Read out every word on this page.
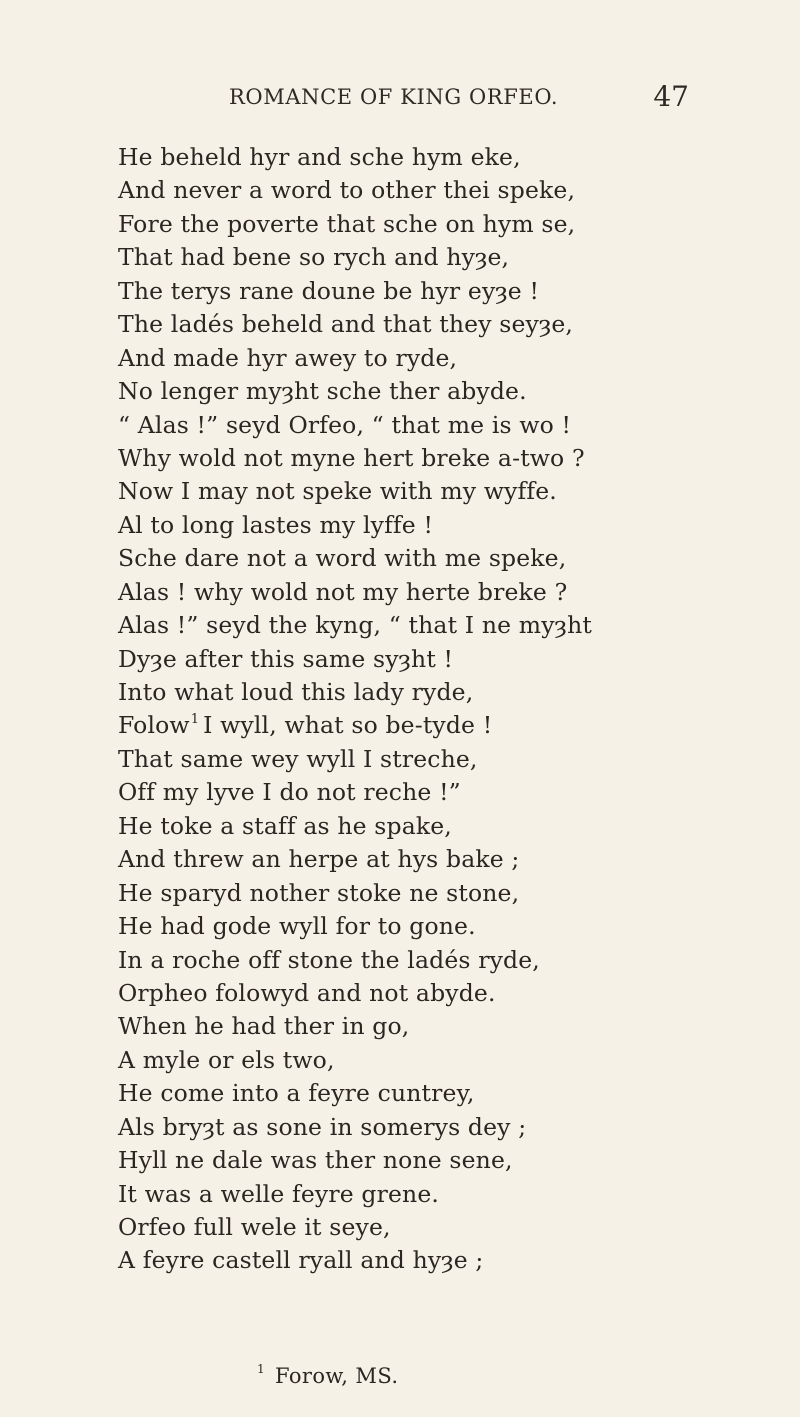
ROMANCE OF KING ORFEO.	47
He beheld hyr and sche hym eke,
And never a word to other thei speke,
Fore the poverte that sche on hym se,
That had bene so rych and hyȝe,
The terys rane doune be hyr eyȝe !
The ladés beheld and that they seyȝe,
And made hyr awey to ryde,
No lenger myȝht sche ther abyde.
“ Alas !” seyd Orfeo, “ that me is wo !
Why wold not myne hert breke a-two ?
Now I may not speke with my wyffe.
Al to long lastes my lyffe !
Sche dare not a word with me speke,
Alas ! why wold not my herte breke ?
Alas !” seyd the kyng, “ that I ne myȝht
Dyȝe after this same syȝht !
Into what loud this lady ryde,
Folow$^1$ I wyll, what so be-tyde !
That same wey wyll I streche,
Off my lyve I do not reche !”
He toke a staff as he spake,
And threw an herpe at hys bake ;
He sparyd nother stoke ne stone,
He had gode wyll for to gone.
In a roche off stone the ladés ryde,
Orpheo folowyd and not abyde.
When he had ther in go,
A myle or els two,
He come into a feyre cuntrey,
Als bryȝt as sone in somerys dey ;
Hyll ne dale was ther none sene,
It was a welle feyre grene.
Orfeo full wele it seye,
A feyre castell ryall and hyȝe ;
$^1$ Forow, MS.
